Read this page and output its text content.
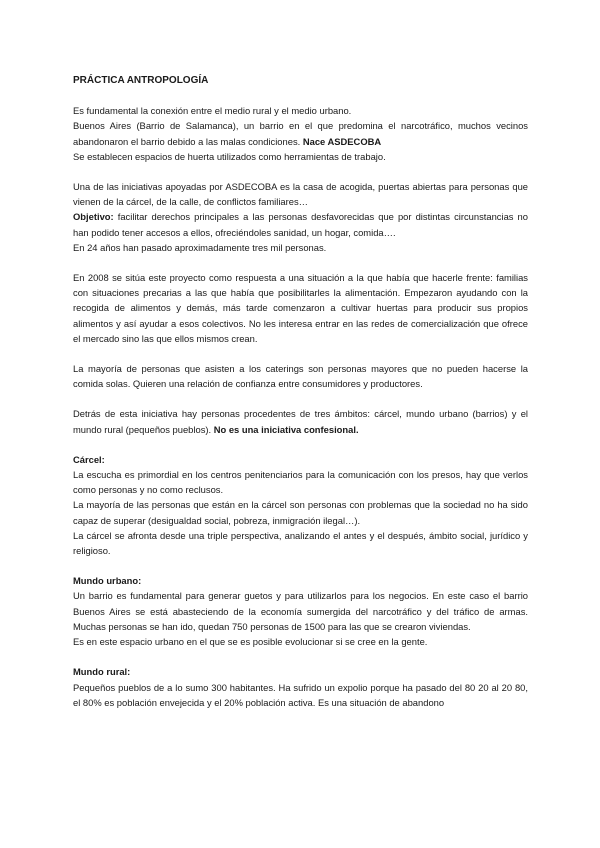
PRÁCTICA ANTROPOLOGÍA

Es fundamental la conexión entre el medio rural y el medio urbano.

Buenos Aires (Barrio de Salamanca), un barrio en el que predomina el narcotráfico, muchos vecinos abandonaron el barrio debido a las malas condiciones. Nace ASDECOBA

Se establecen espacios de huerta utilizados como herramientas de trabajo.

Una de las iniciativas apoyadas por ASDECOBA es la casa de acogida, puertas abiertas para personas que vienen de la cárcel, de la calle, de conflictos familiares…

Objetivo: facilitar derechos principales a las personas desfavorecidas que por distintas circunstancias no han podido tener accesos a ellos, ofreciéndoles sanidad, un hogar, comida….

En 24 años han pasado aproximadamente tres mil personas.

En 2008 se sitúa este proyecto como respuesta a una situación a la que había que hacerle frente: familias con situaciones precarias a las que había que posibilitarles la alimentación. Empezaron ayudando con la recogida de alimentos y demás, más tarde comenzaron a cultivar huertas para producir sus propios alimentos y así ayudar a esos colectivos. No les interesa entrar en las redes de comercialización que ofrece el mercado sino las que ellos mismos crean.

La mayoría de personas que asisten a los caterings son personas mayores que no pueden hacerse la comida solas. Quieren una relación de confianza entre consumidores y productores.

Detrás de esta iniciativa hay personas procedentes de tres ámbitos: cárcel, mundo urbano (barrios) y el mundo rural (pequeños pueblos). No es una iniciativa confesional.

Cárcel:

La escucha es primordial en los centros penitenciarios para la comunicación con los presos, hay que verlos como personas y no como reclusos.

La mayoría de las personas que están en la cárcel son personas con problemas que la sociedad no ha sido capaz de superar (desigualdad social, pobreza, inmigración ilegal…).

La cárcel se afronta desde una triple perspectiva, analizando el antes y el después, ámbito social, jurídico y religioso.

Mundo urbano:

Un barrio es fundamental para generar guetos y para utilizarlos para los negocios. En este caso el barrio Buenos Aires se está abasteciendo de la economía sumergida del narcotráfico y del tráfico de armas. Muchas personas se han ido, quedan 750 personas de 1500 para las que se crearon viviendas.

Es en este espacio urbano en el que se es posible evolucionar si se cree en la gente.

Mundo rural:

Pequeños pueblos de a lo sumo 300 habitantes. Ha sufrido un expolio porque ha pasado del 80 20 al 20 80, el 80% es población envejecida y el 20% población activa. Es una situación de abandono
